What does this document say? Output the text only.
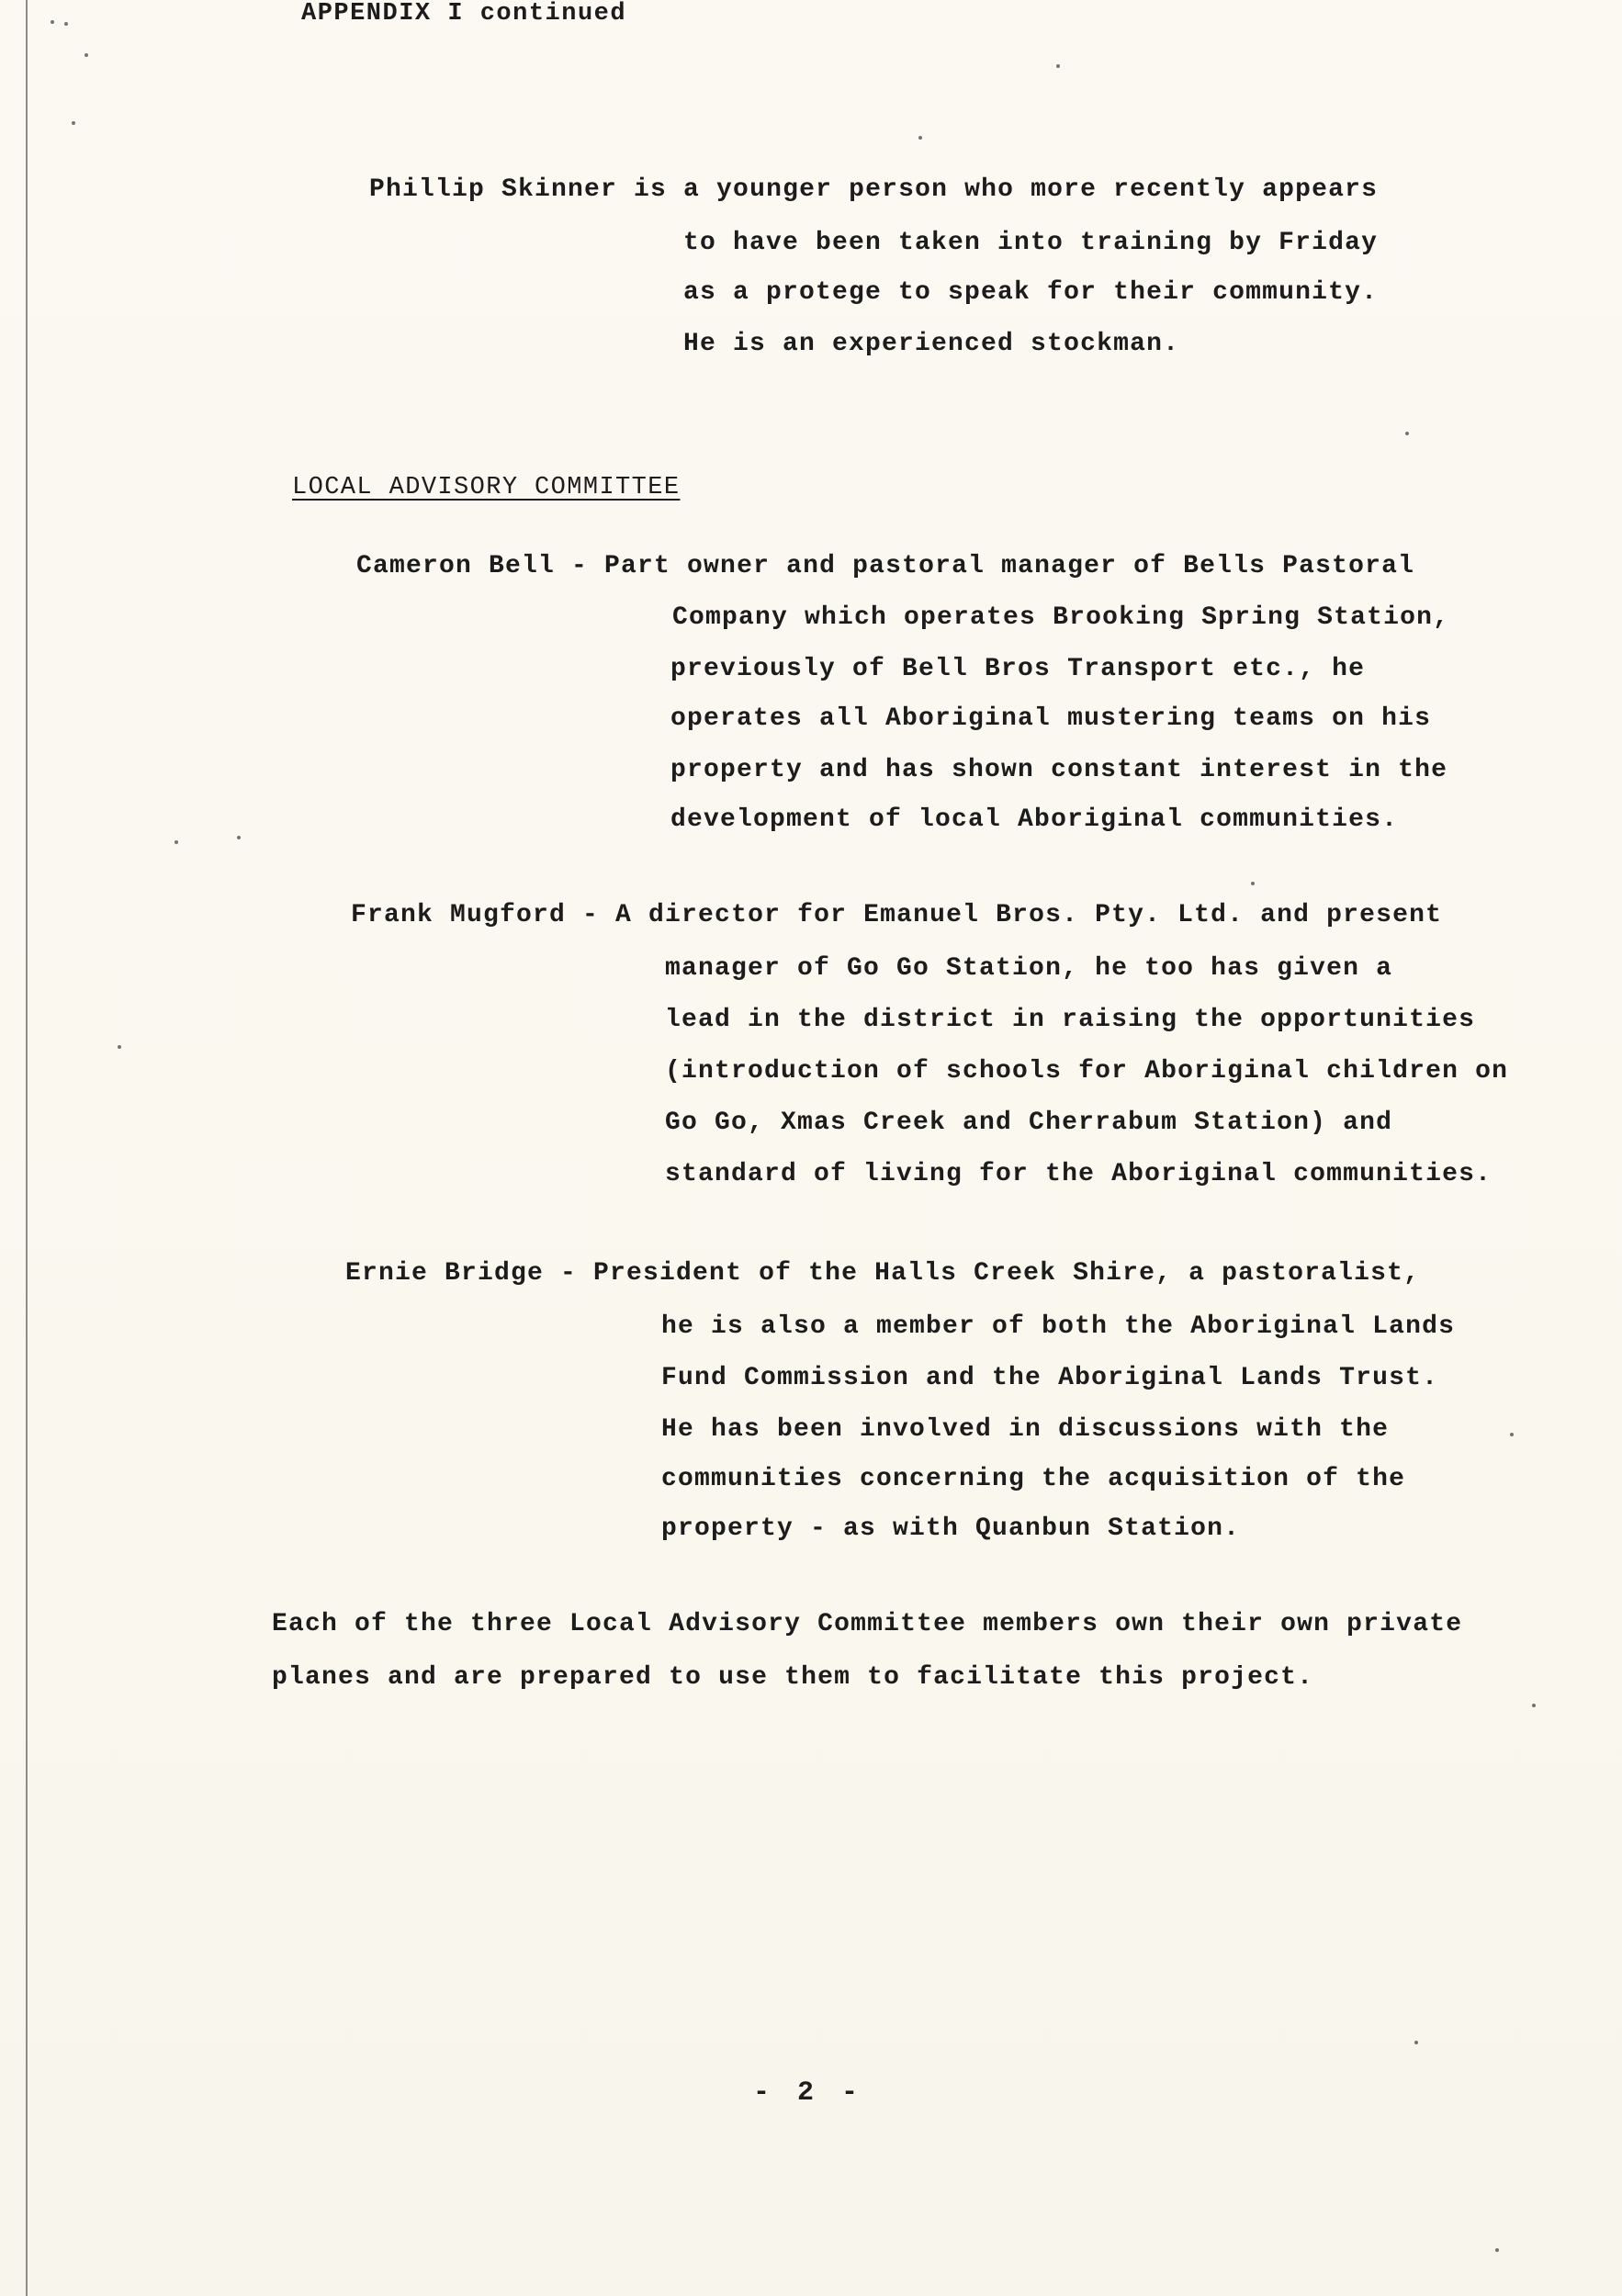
APPENDIX I continued
Phillip Skinner is a younger person who more recently appears
to have been taken into training by Friday
as a protege to speak for their community.
He is an experienced stockman.
LOCAL ADVISORY COMMITTEE
Cameron Bell - Part owner and pastoral manager of Bells Pastoral
Company which operates Brooking Spring Station,
previously of Bell Bros Transport etc., he
operates all Aboriginal mustering teams on his
property and has shown constant interest in the
development of local Aboriginal communities.
Frank Mugford - A director for Emanuel Bros. Pty. Ltd. and present
manager of Go Go Station, he too has given a
lead in the district in raising the opportunities
(introduction of schools for Aboriginal children on
Go Go, Xmas Creek and Cherrabum Station) and
standard of living for the Aboriginal communities.
Ernie Bridge - President of the Halls Creek Shire, a pastoralist,
he is also a member of both the Aboriginal Lands
Fund Commission and the Aboriginal Lands Trust.
He has been involved in discussions with the
communities concerning the acquisition of the
property - as with Quanbun Station.
Each of the three Local Advisory Committee members own their own private
planes and are prepared to use them to facilitate this project.
- 2 -
